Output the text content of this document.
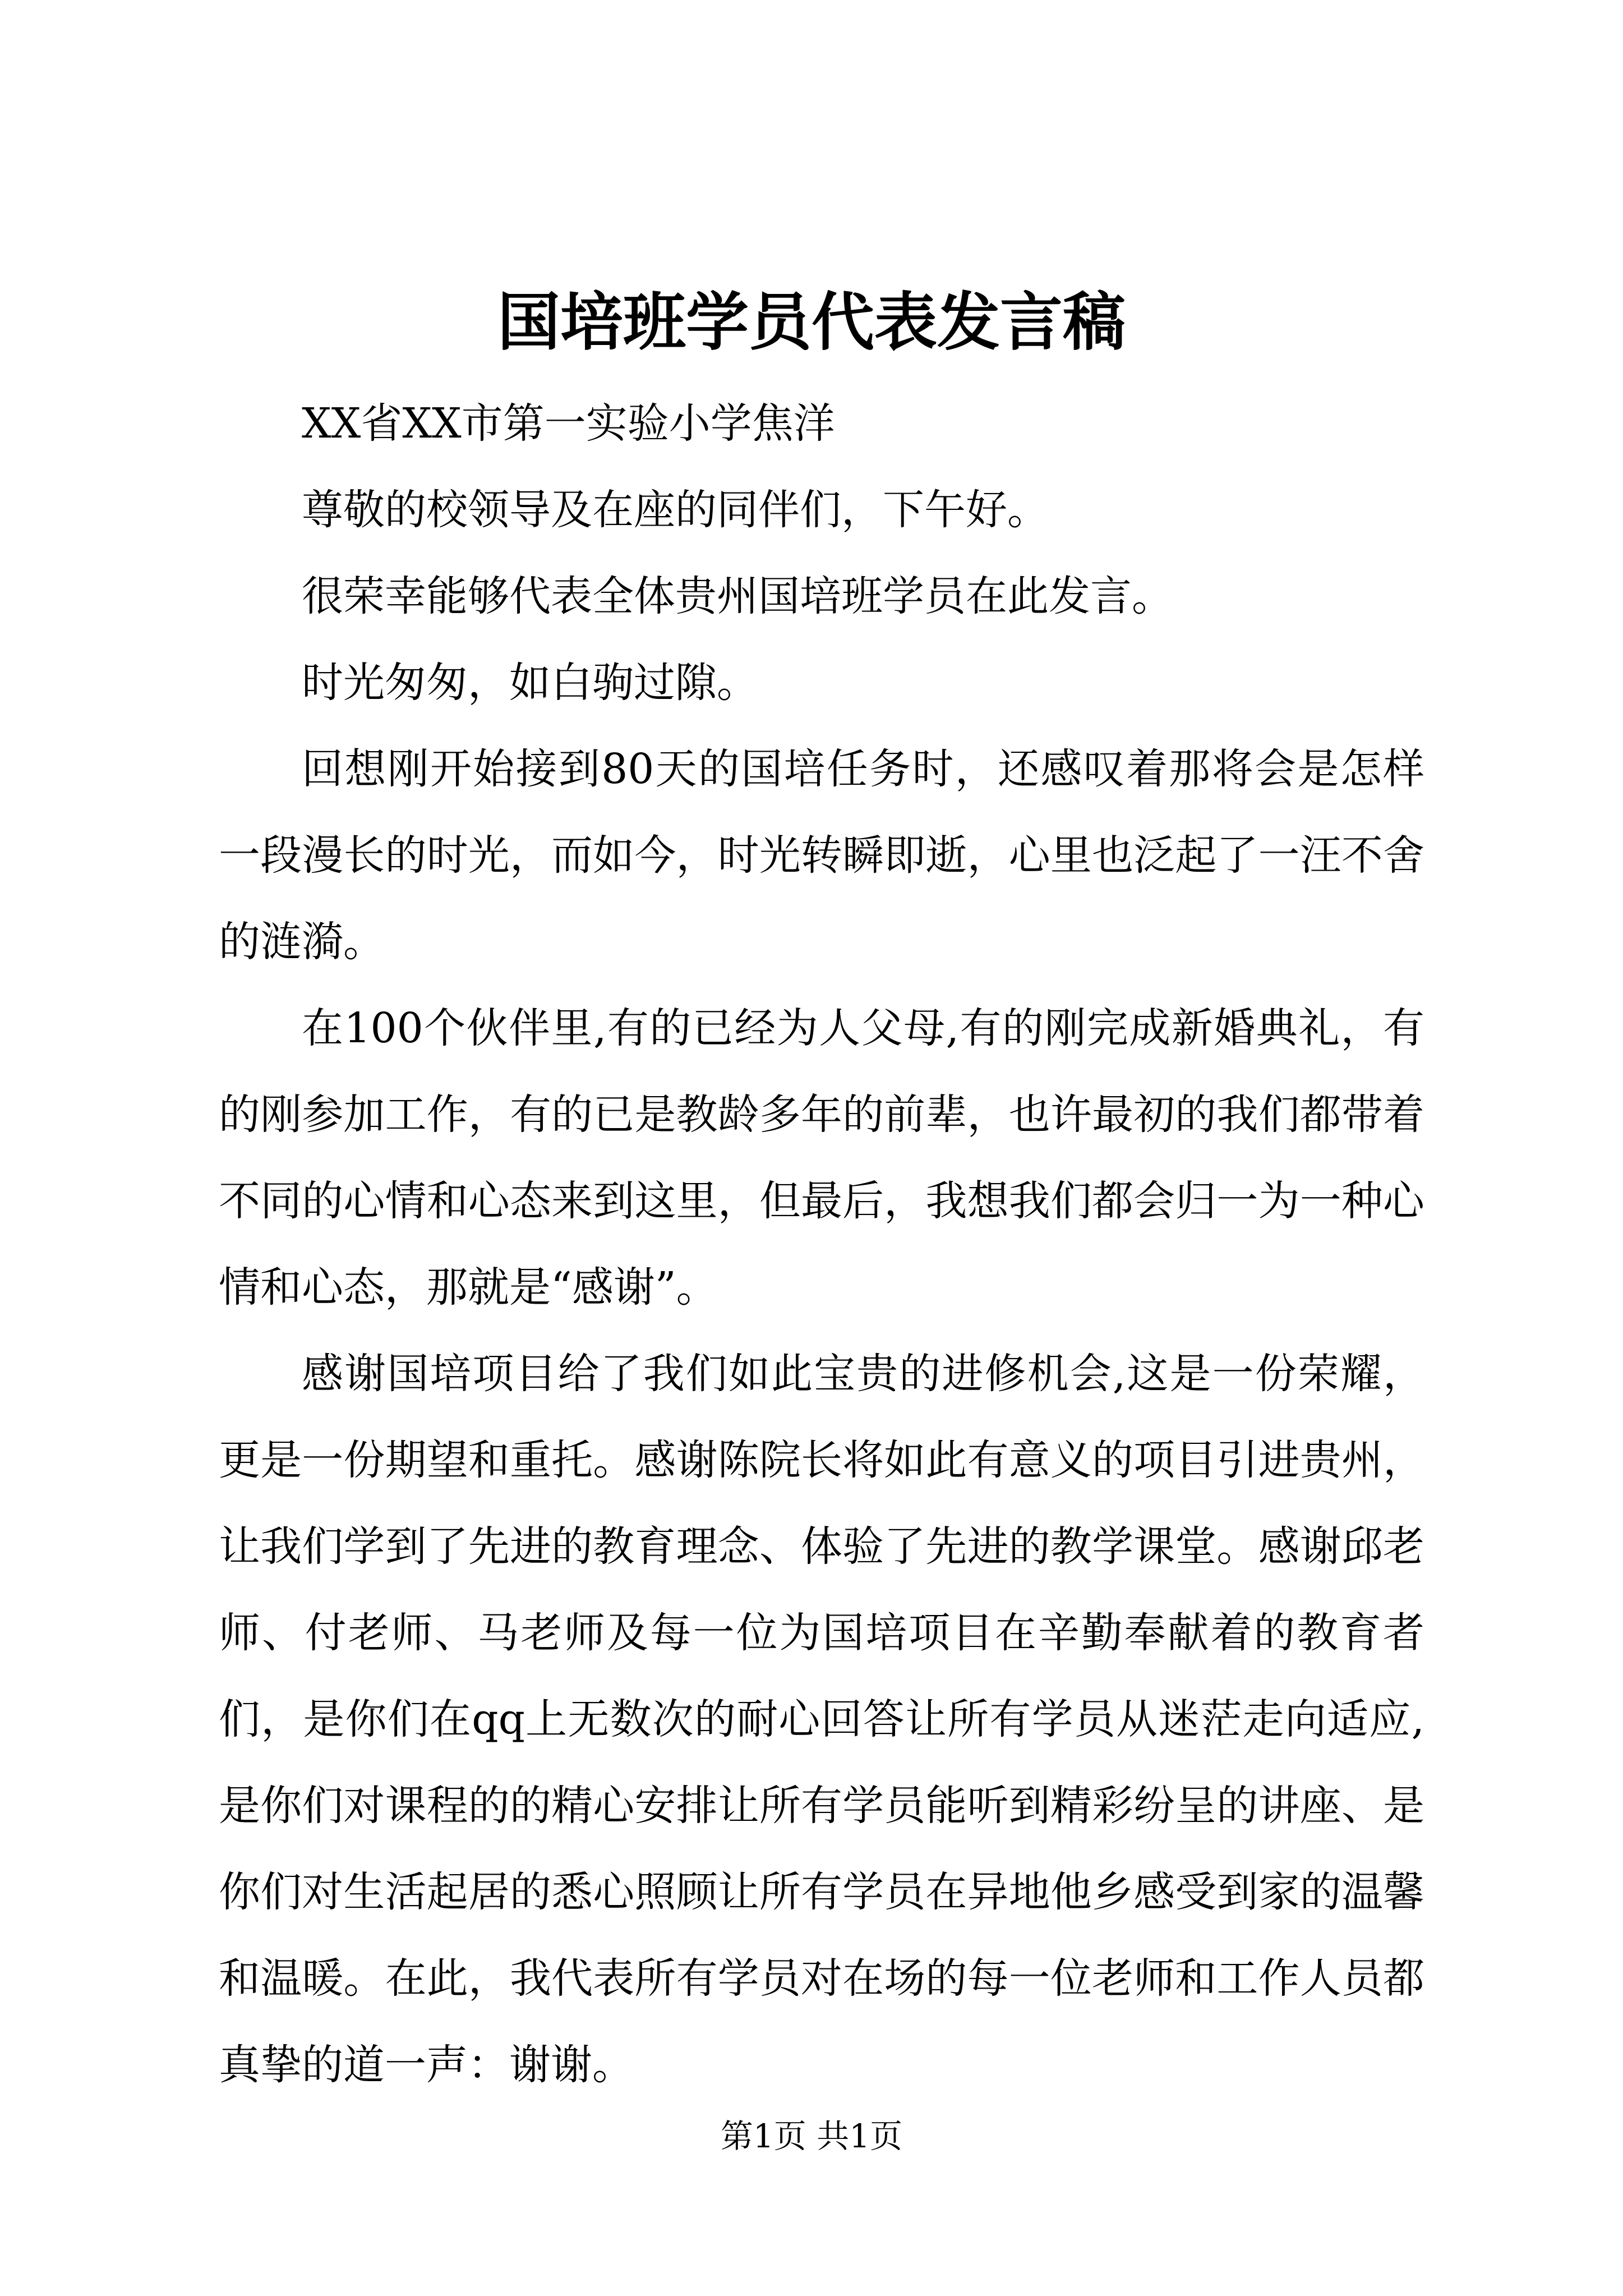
国培班学员代表发言稿

XX省XX市第一实验小学焦洋

尊敬的校领导及在座的同伴们，下午好。

很荣幸能够代表全体贵州国培班学员在此发言。

时光匆匆，如白驹过隙。

回想刚开始接到80天的国培任务时，还感叹着那将会是怎样一段漫长的时光，而如今，时光转瞬即逝，心里也泛起了一汪不舍的涟漪。

在100个伙伴里,有的已经为人父母,有的刚完成新婚典礼，有的刚参加工作，有的已是教龄多年的前辈，也许最初的我们都带着不同的心情和心态来到这里，但最后，我想我们都会归一为一种心情和心态，那就是“感谢”。

感谢国培项目给了我们如此宝贵的进修机会,这是一份荣耀，更是一份期望和重托。感谢陈院长将如此有意义的项目引进贵州，让我们学到了先进的教育理念、体验了先进的教学课堂。感谢邱老师、付老师、马老师及每一位为国培项目在辛勤奉献着的教育者们，是你们在qq上无数次的耐心回答让所有学员从迷茫走向适应,是你们对课程的的精心安排让所有学员能听到精彩纷呈的讲座、是你们对生活起居的悉心照顾让所有学员在异地他乡感受到家的温馨和温暖。在此，我代表所有学员对在场的每一位老师和工作人员都真挚的道一声：谢谢。

第1页 共1页
